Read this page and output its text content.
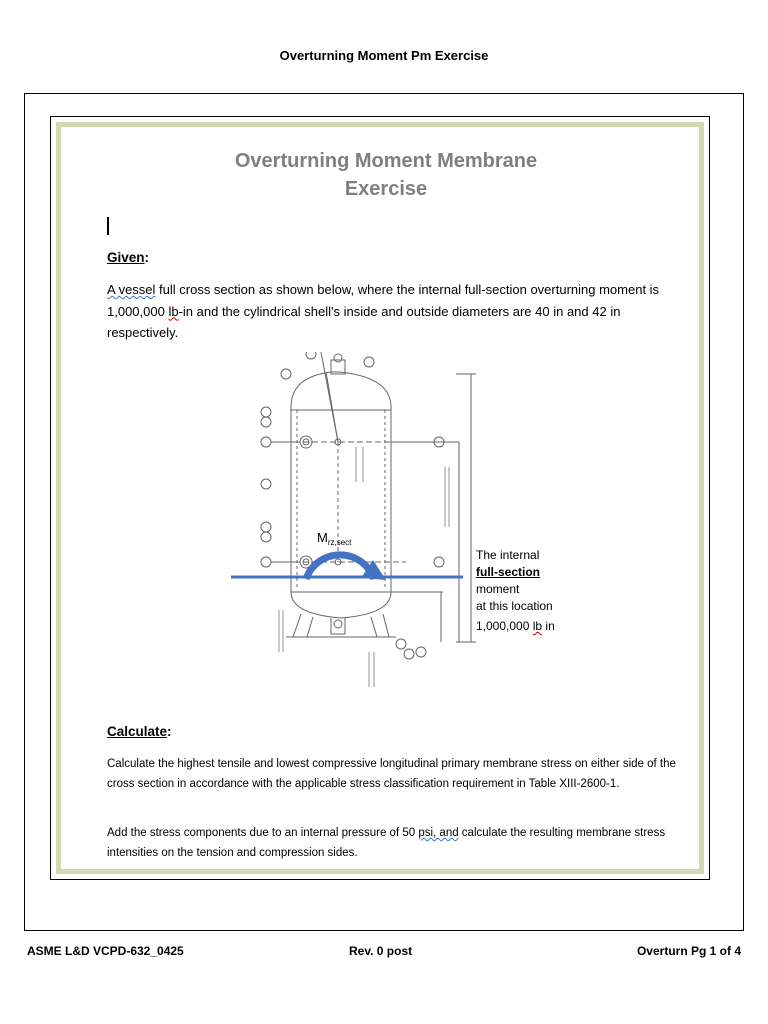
Overturning Moment Pm Exercise
Overturning Moment Membrane
Exercise
Given:
A vessel full cross section as shown below, where the internal full-section overturning moment is 1,000,000 lb-in and the cylindrical shell's inside and outside diameters are 40 in and 42 in respectively.
$M_{rz,sect}$
The internal
full-section
moment
at this location
1,000,000 lb in
Calculate:
Calculate the highest tensile and lowest compressive longitudinal primary membrane stress on either side of the cross section in accordance with the applicable stress classification requirement in Table XIII-2600-1.
Add the stress components due to an internal pressure of 50 psi, and calculate the resulting membrane stress intensities on the tension and compression sides.
ASME L&D VCPD-632_0425	Rev. 0 post	Overturn Pg 1 of 4
